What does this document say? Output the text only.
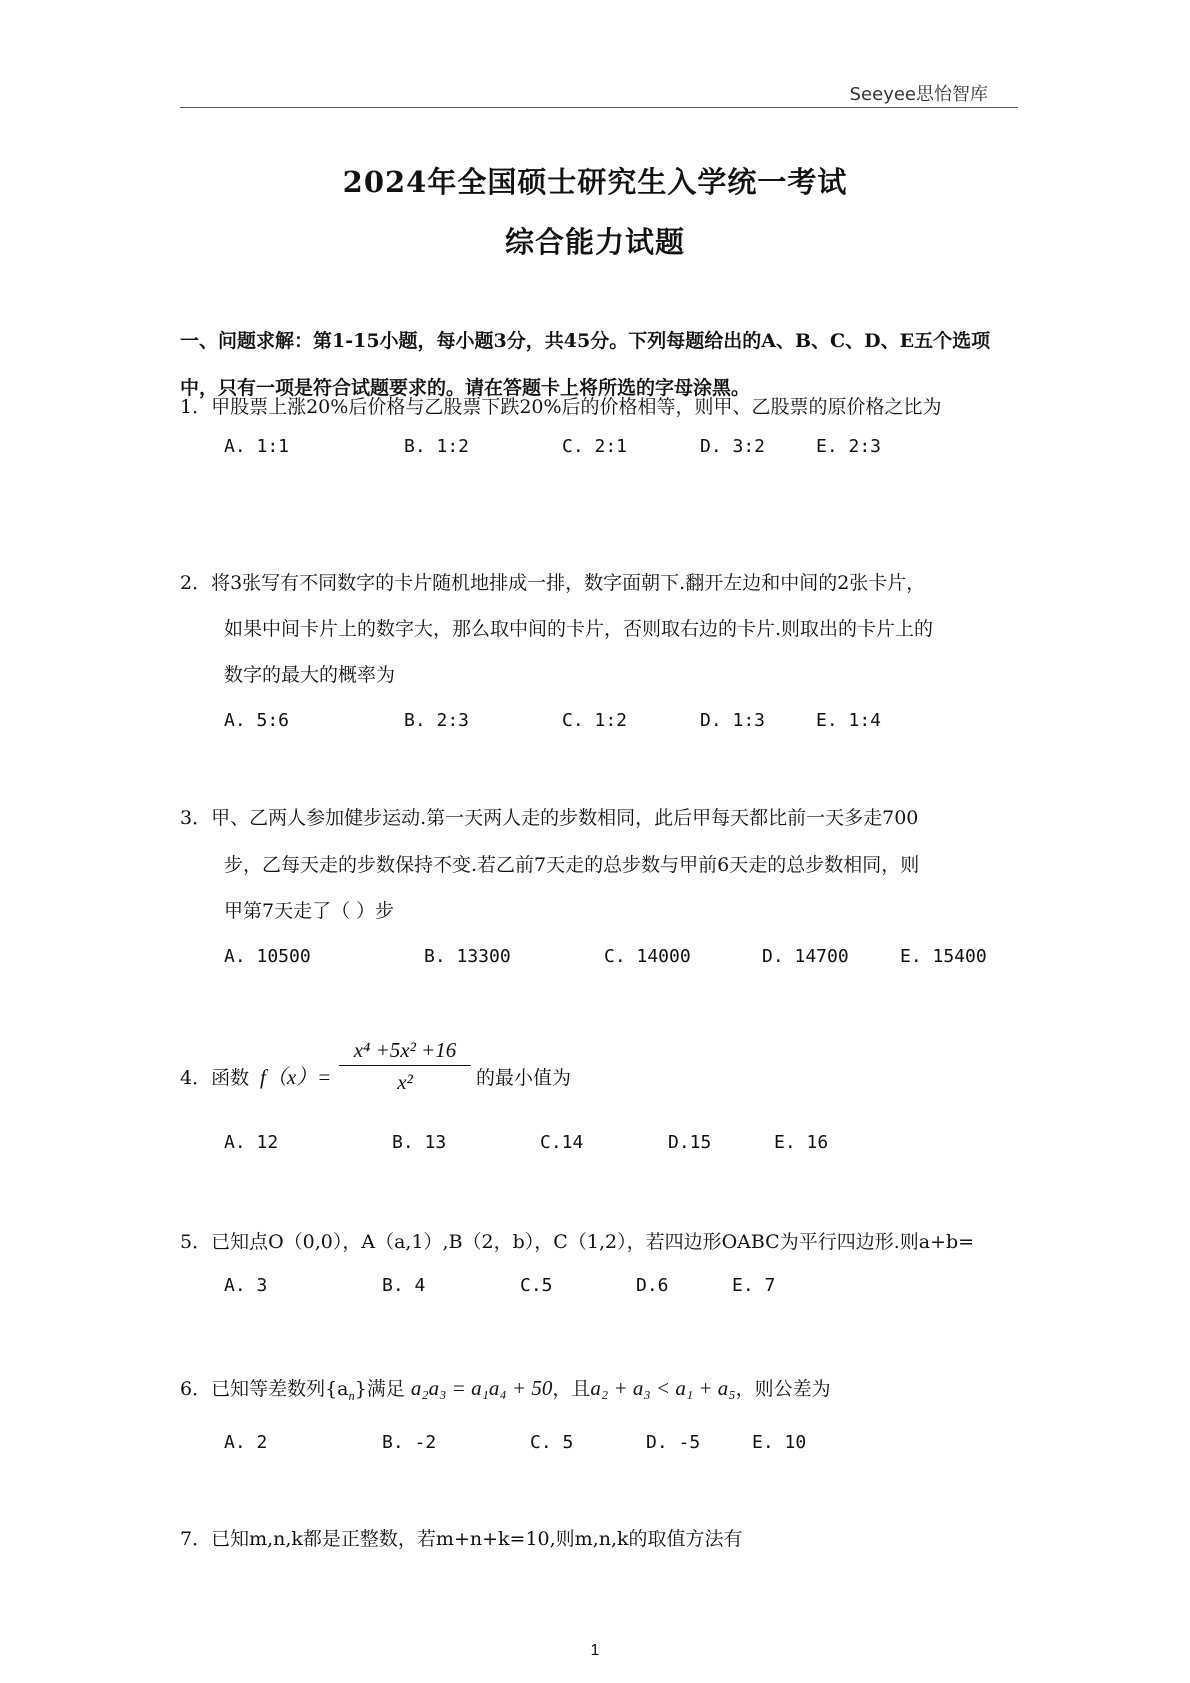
Seeyee思怡智库
2024年全国硕士研究生入学统一考试
综合能力试题
一、问题求解：第1-15小题，每小题3分，共45分。下列每题给出的A、B、C、D、E五个选项中，只有一项是符合试题要求的。请在答题卡上将所选的字母涂黑。
1．甲股票上涨20%后价格与乙股票下跌20%后的价格相等，则甲、乙股票的原价格之比为
A. 1:1	B. 1:2	C. 2:1	D. 3:2	E. 2:3
2．将3张写有不同数字的卡片随机地排成一排，数字面朝下.翻开左边和中间的2张卡片，
如果中间卡片上的数字大，那么取中间的卡片，否则取右边的卡片.则取出的卡片上的
数字的最大的概率为
A. 5:6	B. 2:3	C. 1:2	D. 1:3	E. 1:4
3．甲、乙两人参加健步运动.第一天两人走的步数相同，此后甲每天都比前一天多走700
步，乙每天走的步数保持不变.若乙前7天走的总步数与甲前6天走的总步数相同，则
甲第7天走了（ ）步
A. 10500	B. 13300	C. 14000	D. 14700	E. 15400
4．函数 $f(x)= \frac{\text{x⁴ +5x² +16}}{\text{x²}}$ 的最小值为
A. 12	B. 13	C.14	D.15	E. 16
5．已知点O（0,0），A（a,1）,B（2，b），C（1,2），若四边形OABC为平行四边形.则a+b=
A. 3	B. 4	C.5	D.6	E. 7
6．已知等差数列$\{a_n\}$满足 a₂a₃ = a₁a₄ + 50，且a₂ + a₃ < a₁ + a₅，则公差为
A. 2	B. -2	C. 5	D. -5	E. 10
7．已知m,n,k都是正整数，若m+n+k=10,则m,n,k的取值方法有
1
